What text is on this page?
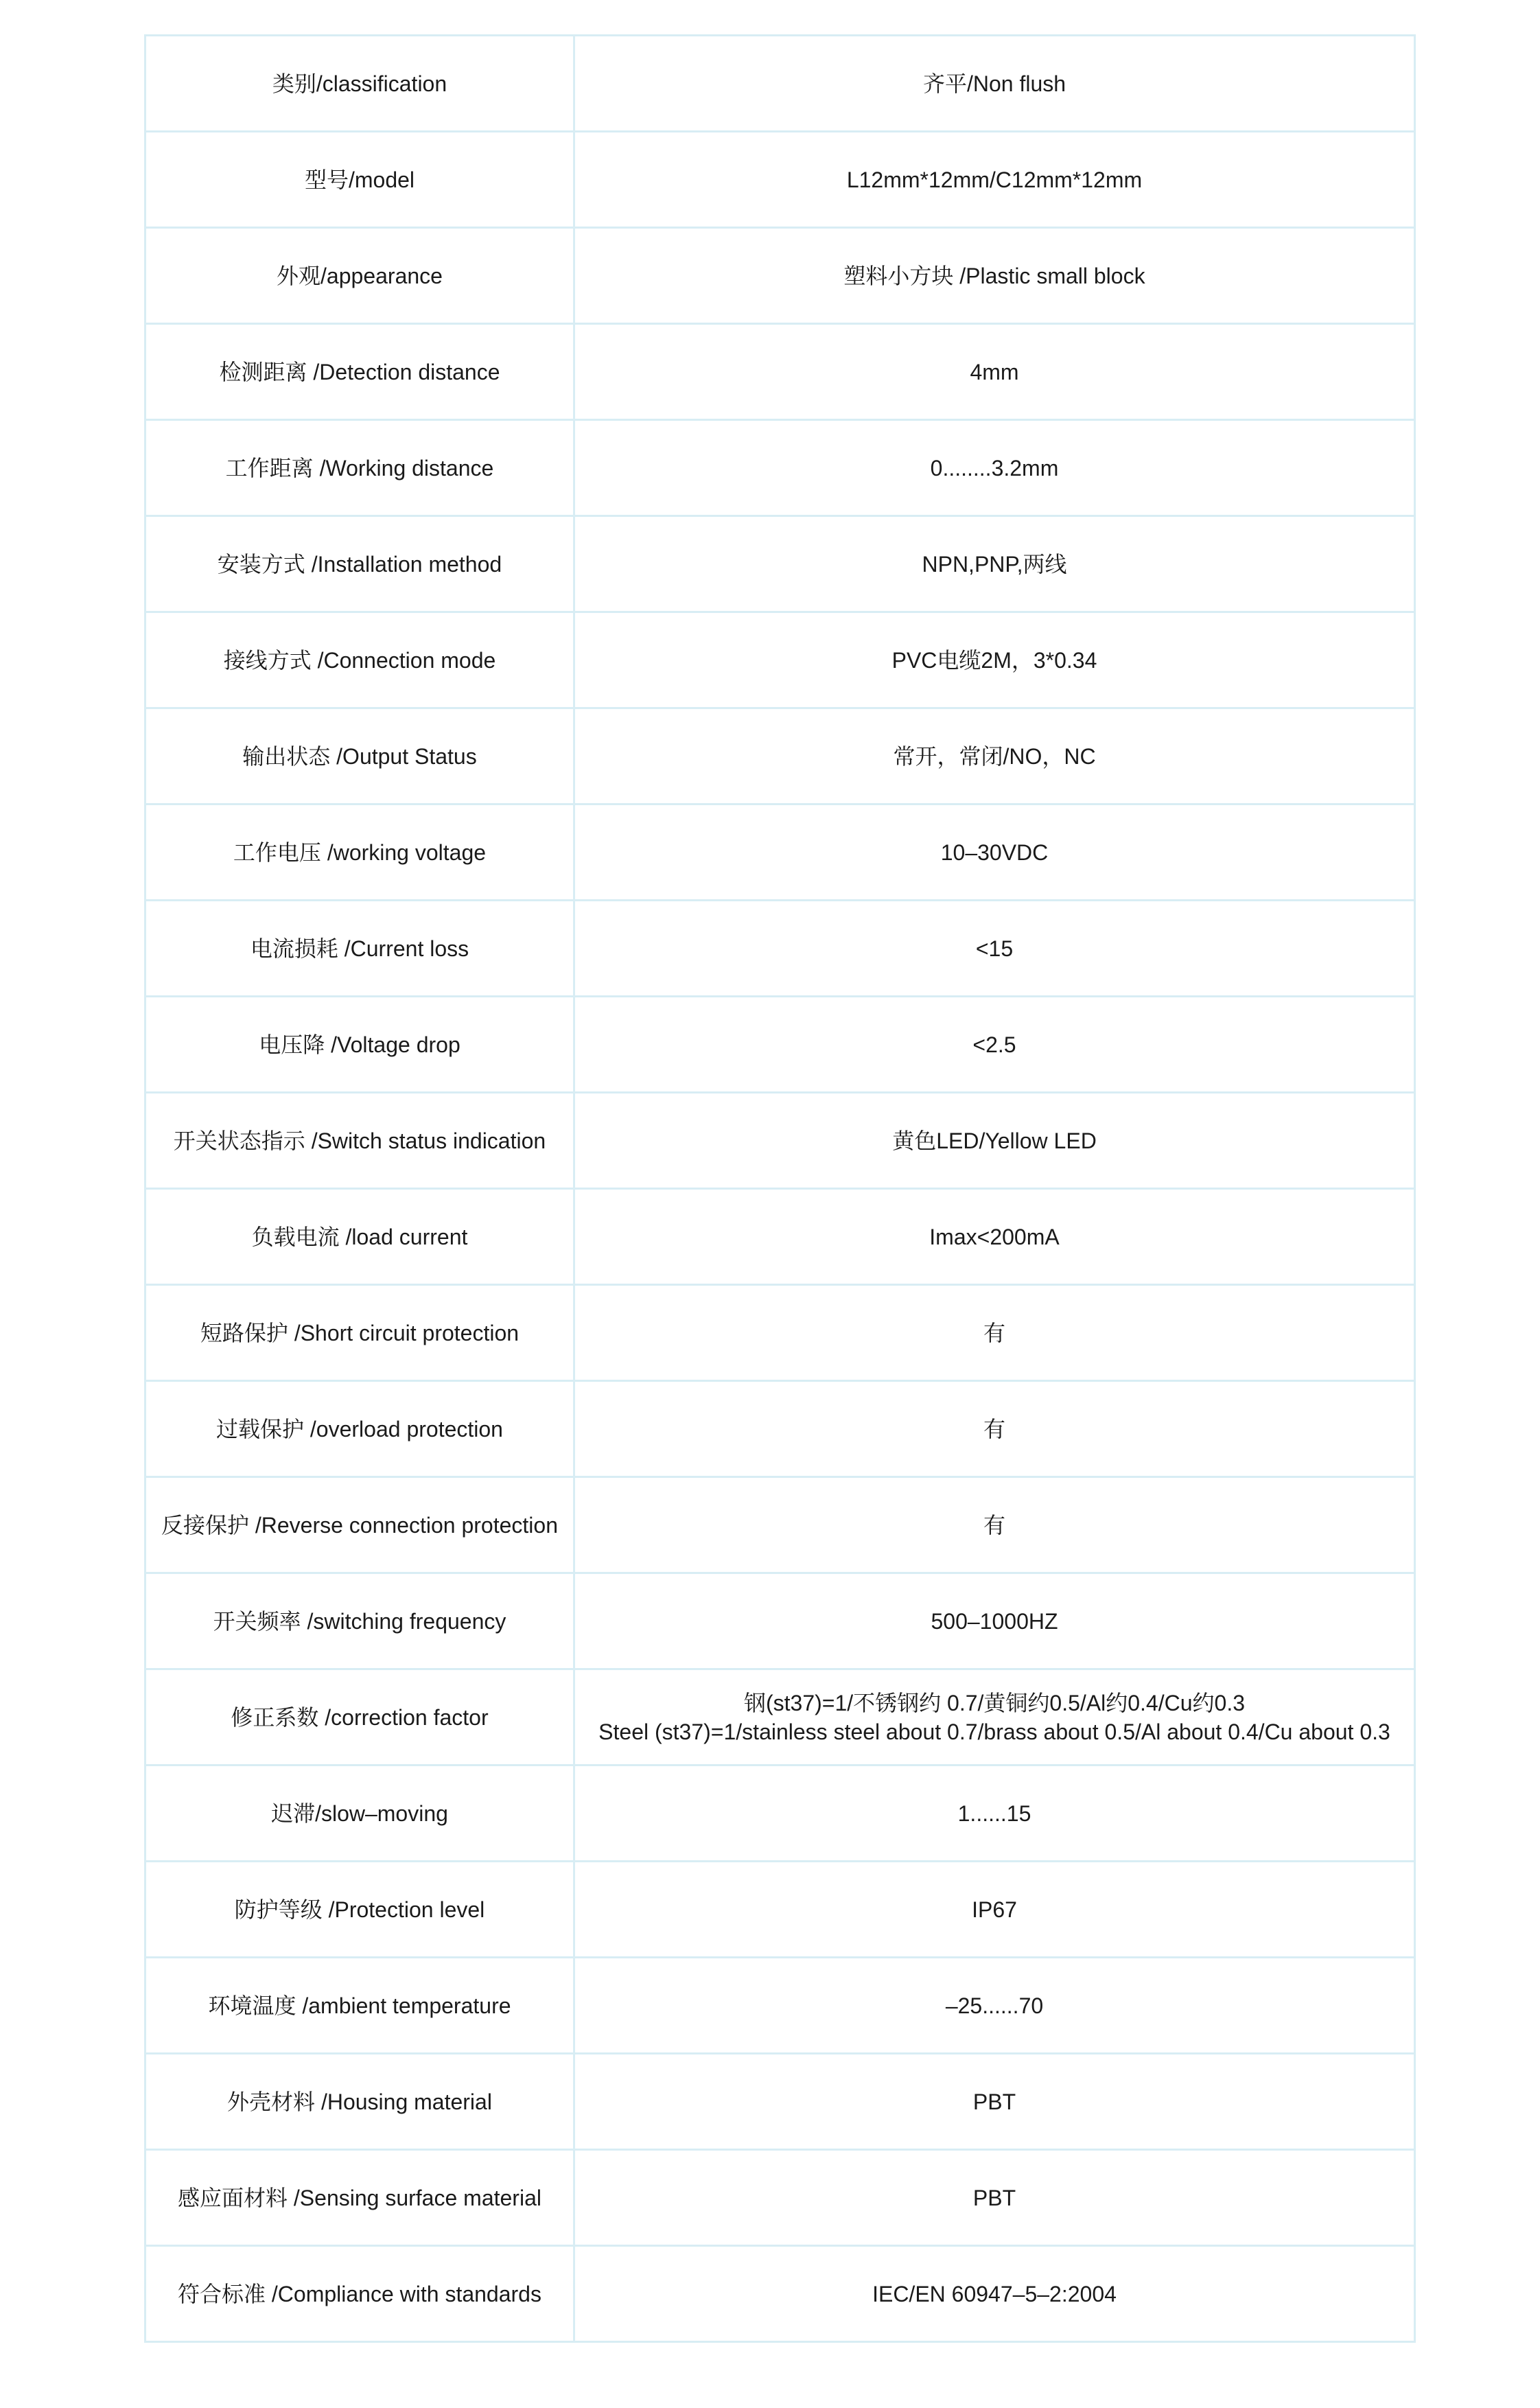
类别/classification	齐平/Non flush
型号/model	L12mm*12mm/C12mm*12mm
外观/appearance	塑料小方块 /Plastic small block
检测距离 /Detection distance	4mm
工作距离 /Working distance	0........3.2mm
安装方式 /Installation method	NPN,PNP,两线
接线方式 /Connection mode	PVC电缆2M，3*0.34
输出状态 /Output Status	常开，常闭/NO，NC
工作电压 /working voltage	10–30VDC
电流损耗 /Current loss	<15
电压降 /Voltage drop	<2.5
开关状态指示 /Switch status indication	黄色LED/Yellow LED
负载电流 /load current	Imax<200mA
短路保护 /Short circuit protection	有
过载保护 /overload protection	有
反接保护 /Reverse connection protection	有
开关频率 /switching frequency	500–1000HZ
修正系数 /correction factor	钢(st37)=1/不锈钢约 0.7/黄铜约0.5/Al约0.4/Cu约0.3
Steel (st37)=1/stainless steel about 0.7/brass about 0.5/Al about 0.4/Cu about 0.3

迟滞/slow–moving	1......15
防护等级 /Protection level	IP67
环境温度 /ambient temperature	–25......70
外壳材料 /Housing material	PBT
感应面材料 /Sensing surface material	PBT
符合标准 /Compliance with standards	IEC/EN 60947–5–2:2004
